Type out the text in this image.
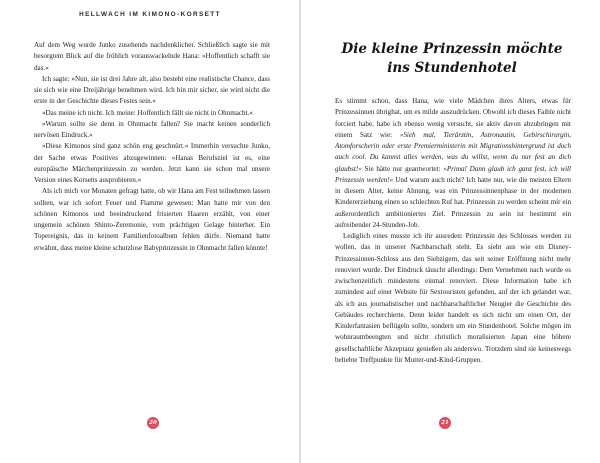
HELLWACH IM KIMONO-KORSETT

Auf dem Weg wurde Junko zusehends nachdenklicher. Schließlich sagte sie mit besorgtem Blick auf die fröhlich vorauswackelnde Hana: »Hoffentlich schafft sie das.«

Ich sagte: »Nun, sie ist drei Jahre alt, also besteht eine realistische Chance, dass sie sich wie eine Dreijährige benehmen wird. Ich bin mir sicher, sie wird nicht die erste in der Geschichte dieses Festes sein.«

»Das meine ich nicht. Ich meine: Hoffentlich fällt sie nicht in Ohnmacht.«

»Warum sollte sie denn in Ohnmacht fallen? Sie macht keinen sonderlich nervösen Eindruck.«

»Diese Kimonos sind ganz schön eng geschnürt.« Immerhin versuchte Junko, der Sache etwas Positives abzugewinnen: »Hanas Berufsziel ist es, eine europäische Märchenprinzessin zu werden. Jetzt kann sie schon mal unsere Version eines Korsetts ausprobieren.«

Als ich mich vor Monaten gefragt hatte, ob wir Hana am Fest teilnehmen lassen sollten, war ich sofort Feuer und Flamme gewesen: Man hatte mir von den schönen Kimonos und beeindruckend frisierten Haaren erzählt, von einer ungemein schönen Shinto-Zeremonie, vom prächtigen Gelage hinterher. Ein Topereignis, das in keinem Familienfotoalbum fehlen dürfe. Niemand hatte erwähnt, dass meine kleine schutzlose Babyprinzessin in Ohnmacht fallen könnte!

20
Die kleine Prinzessin möchte
ins Stundenhotel

Es stimmt schon, dass Hana, wie viele Mädchen ihres Alters, etwas für Prinzessinnen übrighat, um es milde auszudrücken. Obwohl ich dieses Faible nicht forciert habe, habe ich ebenso wenig versucht, sie aktiv davon abzubringen mit einem Satz wie: »Sieh mal, Tierärztin, Astronautin, Gebirschirurgin, Atomforscherin oder erste Premierministerin mit Migrationshintergrund ist doch auch cool. Du kannst alles werden, was du willst, wenn du nur fest an dich glaubst!« Sie hätte nur geantwortet: »Prima! Dann glaub ich ganz fest, ich will Prinzessin werden!« Und warum auch nicht? Ich hatte nur, wie die meisten Eltern in diesem Alter, keine Ahnung, was ein Prinzessinnenphase in der modernen Kindererziehung einen so schlechten Ruf hat. Prinzessin zu werden scheint mir ein außerordentlich ambitioniertes Ziel. Prinzessin zu sein ist bestimmt ein aufreibender 24-Stunden-Job.

Lediglich eines musste ich ihr ausreden: Prinzessin des Schlosses werden zu wollen, das in unserer Nachbarschaft steht. Es sieht aus wie ein Disney-Prinzessinnen-Schloss aus den Siebzigern, das seit seiner Eröffnung nicht mehr renoviert wurde. Der Eindruck täuscht allerdings: Dem Vernehmen nach wurde es zwischenzeitlich mindestens einmal renoviert. Diese Information habe ich zumindest auf einer Website für Sextouristen gefunden, auf der ich gelandet war, als ich aus journalistischer und nachbarschaftlicher Neugier die Geschichte des Gebäudes recherchierte. Denn leider handelt es sich nicht um einen Ort, der Kinderfantasien beflügeln sollte, sondern um ein Stundenhotel. Solche mögen im wohnraumbeengten und nicht christlich moralisierten Japan eine höhere gesellschaftliche Akzeptanz genießen als anderswo. Trotzdem sind sie keineswegs beliebte Treffpunkte für Mutter-und-Kind-Gruppen.

21
